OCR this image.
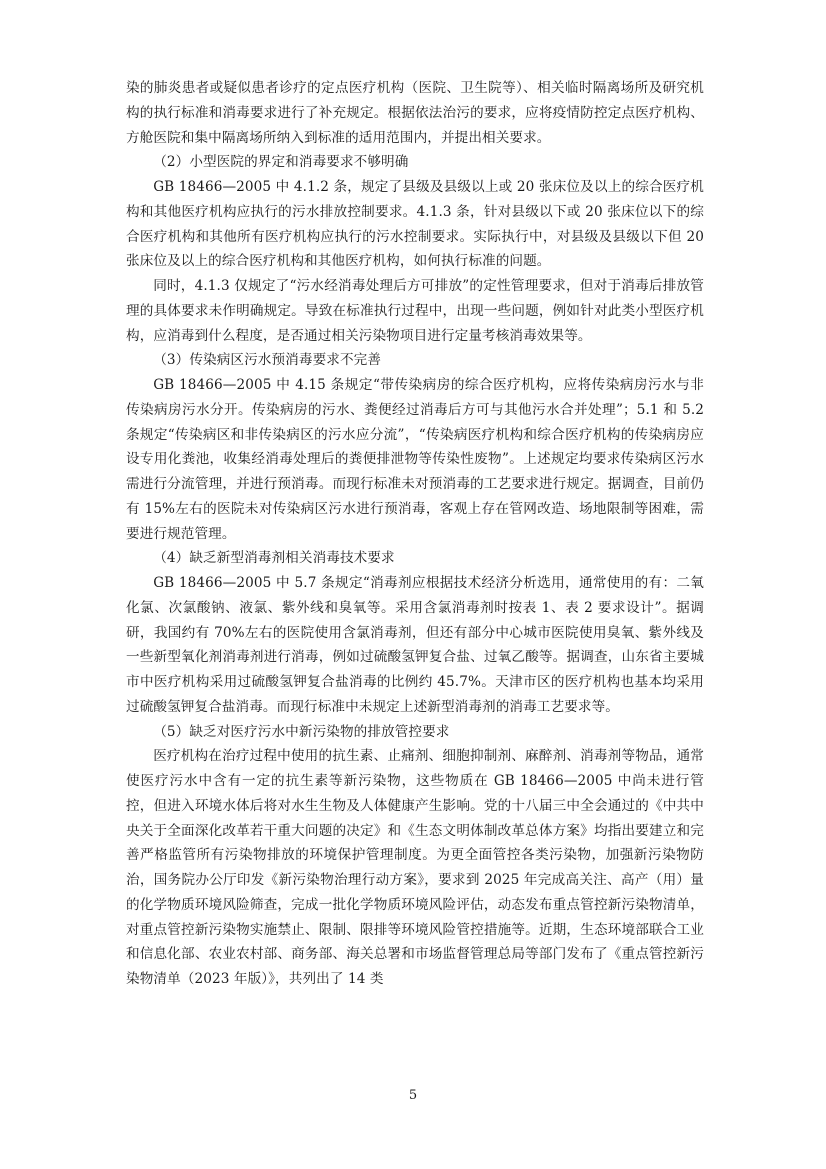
染的肺炎患者或疑似患者诊疗的定点医疗机构（医院、卫生院等）、相关临时隔离场所及研究机构的执行标准和消毒要求进行了补充规定。根据依法治污的要求，应将疫情防控定点医疗机构、方舱医院和集中隔离场所纳入到标准的适用范围内，并提出相关要求。

（2）小型医院的界定和消毒要求不够明确

GB 18466—2005 中 4.1.2 条，规定了县级及县级以上或 20 张床位及以上的综合医疗机构和其他医疗机构应执行的污水排放控制要求。4.1.3 条，针对县级以下或 20 张床位以下的综合医疗机构和其他所有医疗机构应执行的污水控制要求。实际执行中，对县级及县级以下但 20 张床位及以上的综合医疗机构和其他医疗机构，如何执行标准的问题。

同时，4.1.3 仅规定了“污水经消毒处理后方可排放”的定性管理要求，但对于消毒后排放管理的具体要求未作明确规定。导致在标准执行过程中，出现一些问题，例如针对此类小型医疗机构，应消毒到什么程度，是否通过相关污染物项目进行定量考核消毒效果等。

（3）传染病区污水预消毒要求不完善

GB 18466—2005 中 4.15 条规定“带传染病房的综合医疗机构，应将传染病房污水与非传染病房污水分开。传染病房的污水、粪便经过消毒后方可与其他污水合并处理”；5.1 和 5.2 条规定“传染病区和非传染病区的污水应分流”，“传染病医疗机构和综合医疗机构的传染病房应设专用化粪池，收集经消毒处理后的粪便排泄物等传染性废物”。上述规定均要求传染病区污水需进行分流管理，并进行预消毒。而现行标准未对预消毒的工艺要求进行规定。据调查，目前仍有 15%左右的医院未对传染病区污水进行预消毒，客观上存在管网改造、场地限制等困难，需要进行规范管理。

（4）缺乏新型消毒剂相关消毒技术要求

GB 18466—2005 中 5.7 条规定“消毒剂应根据技术经济分析选用，通常使用的有：二氧化氯、次氯酸钠、液氯、紫外线和臭氧等。采用含氯消毒剂时按表 1、表 2 要求设计”。据调研，我国约有 70%左右的医院使用含氯消毒剂，但还有部分中心城市医院使用臭氧、紫外线及一些新型氧化剂消毒剂进行消毒，例如过硫酸氢钾复合盐、过氧乙酸等。据调查，山东省主要城市中医疗机构采用过硫酸氢钾复合盐消毒的比例约 45.7%。天津市区的医疗机构也基本均采用过硫酸氢钾复合盐消毒。而现行标准中未规定上述新型消毒剂的消毒工艺要求等。

（5）缺乏对医疗污水中新污染物的排放管控要求

医疗机构在治疗过程中使用的抗生素、止痛剂、细胞抑制剂、麻醉剂、消毒剂等物品，通常使医疗污水中含有一定的抗生素等新污染物，这些物质在 GB 18466—2005 中尚未进行管控，但进入环境水体后将对水生生物及人体健康产生影响。党的十八届三中全会通过的《中共中央关于全面深化改革若干重大问题的决定》和《生态文明体制改革总体方案》均指出要建立和完善严格监管所有污染物排放的环境保护管理制度。为更全面管控各类污染物，加强新污染物防治，国务院办公厅印发《新污染物治理行动方案》，要求到 2025 年完成高关注、高产（用）量的化学物质环境风险筛查，完成一批化学物质环境风险评估，动态发布重点管控新污染物清单，对重点管控新污染物实施禁止、限制、限排等环境风险管控措施等。近期，生态环境部联合工业和信息化部、农业农村部、商务部、海关总署和市场监督管理总局等部门发布了《重点管控新污染物清单（2023 年版）》，共列出了 14 类

5
